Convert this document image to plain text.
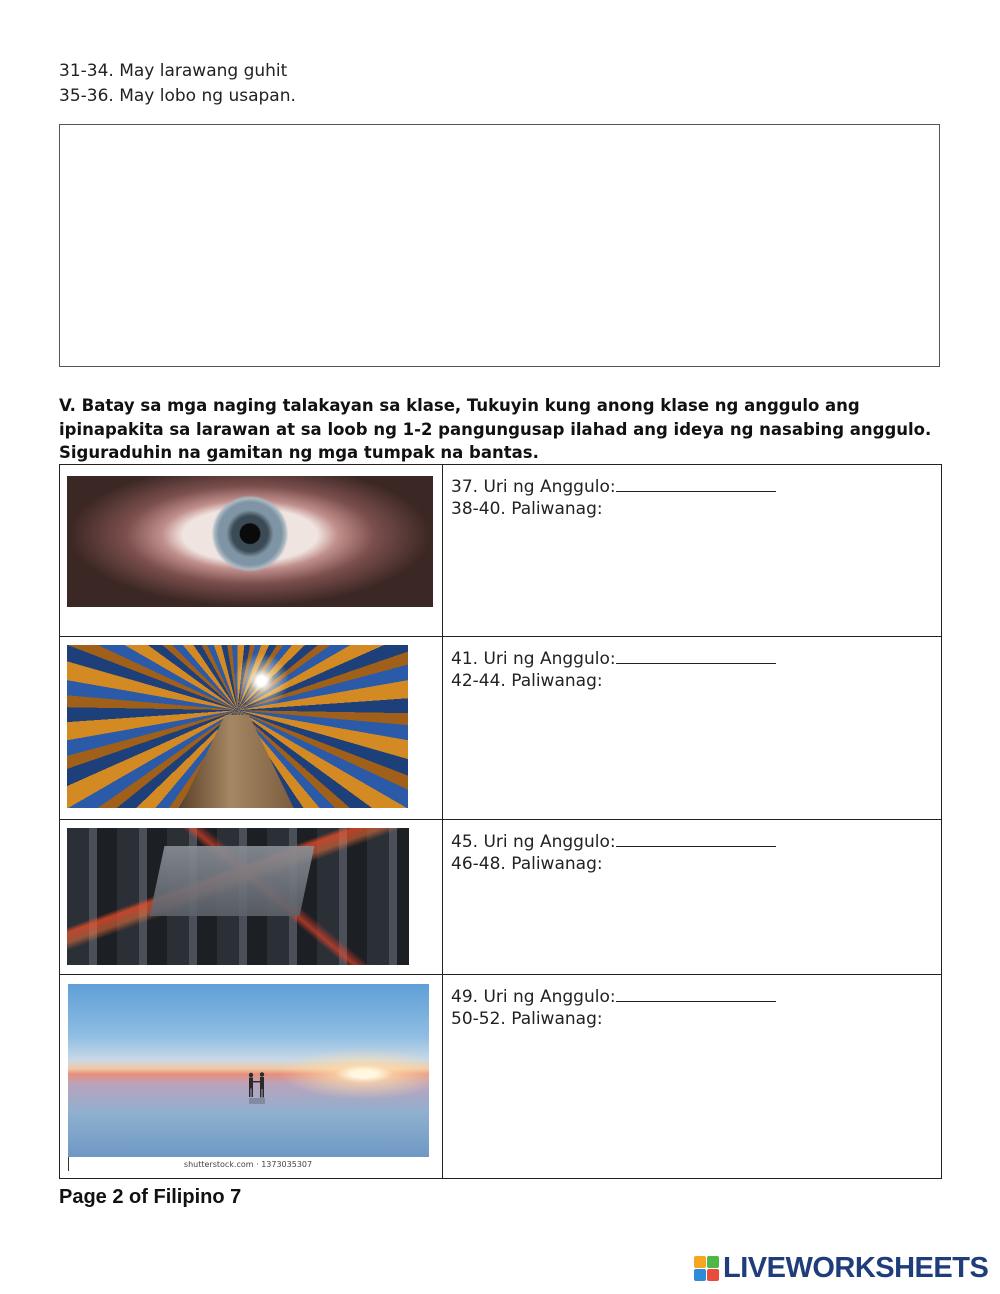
31-34. May larawang guhit
35-36. May lobo ng usapan.
V. Batay sa mga naging talakayan sa klase, Tukuyin kung anong klase ng anggulo ang ipinapakita sa larawan at sa loob ng 1-2 pangungusap ilahad ang ideya ng nasabing anggulo. Siguraduhin na gamitan ng mga tumpak na bantas.

	37. Uri ng Anggulo:
38-40. Paliwanag:

	41. Uri ng Anggulo:
42-44. Paliwanag:

	45. Uri ng Anggulo:
46-48. Paliwanag:

shutterstock.com · 1373035307	49. Uri ng Anggulo:
50-52. Paliwanag:
Page 2 of Filipino 7
LIVEWORKSHEETS
